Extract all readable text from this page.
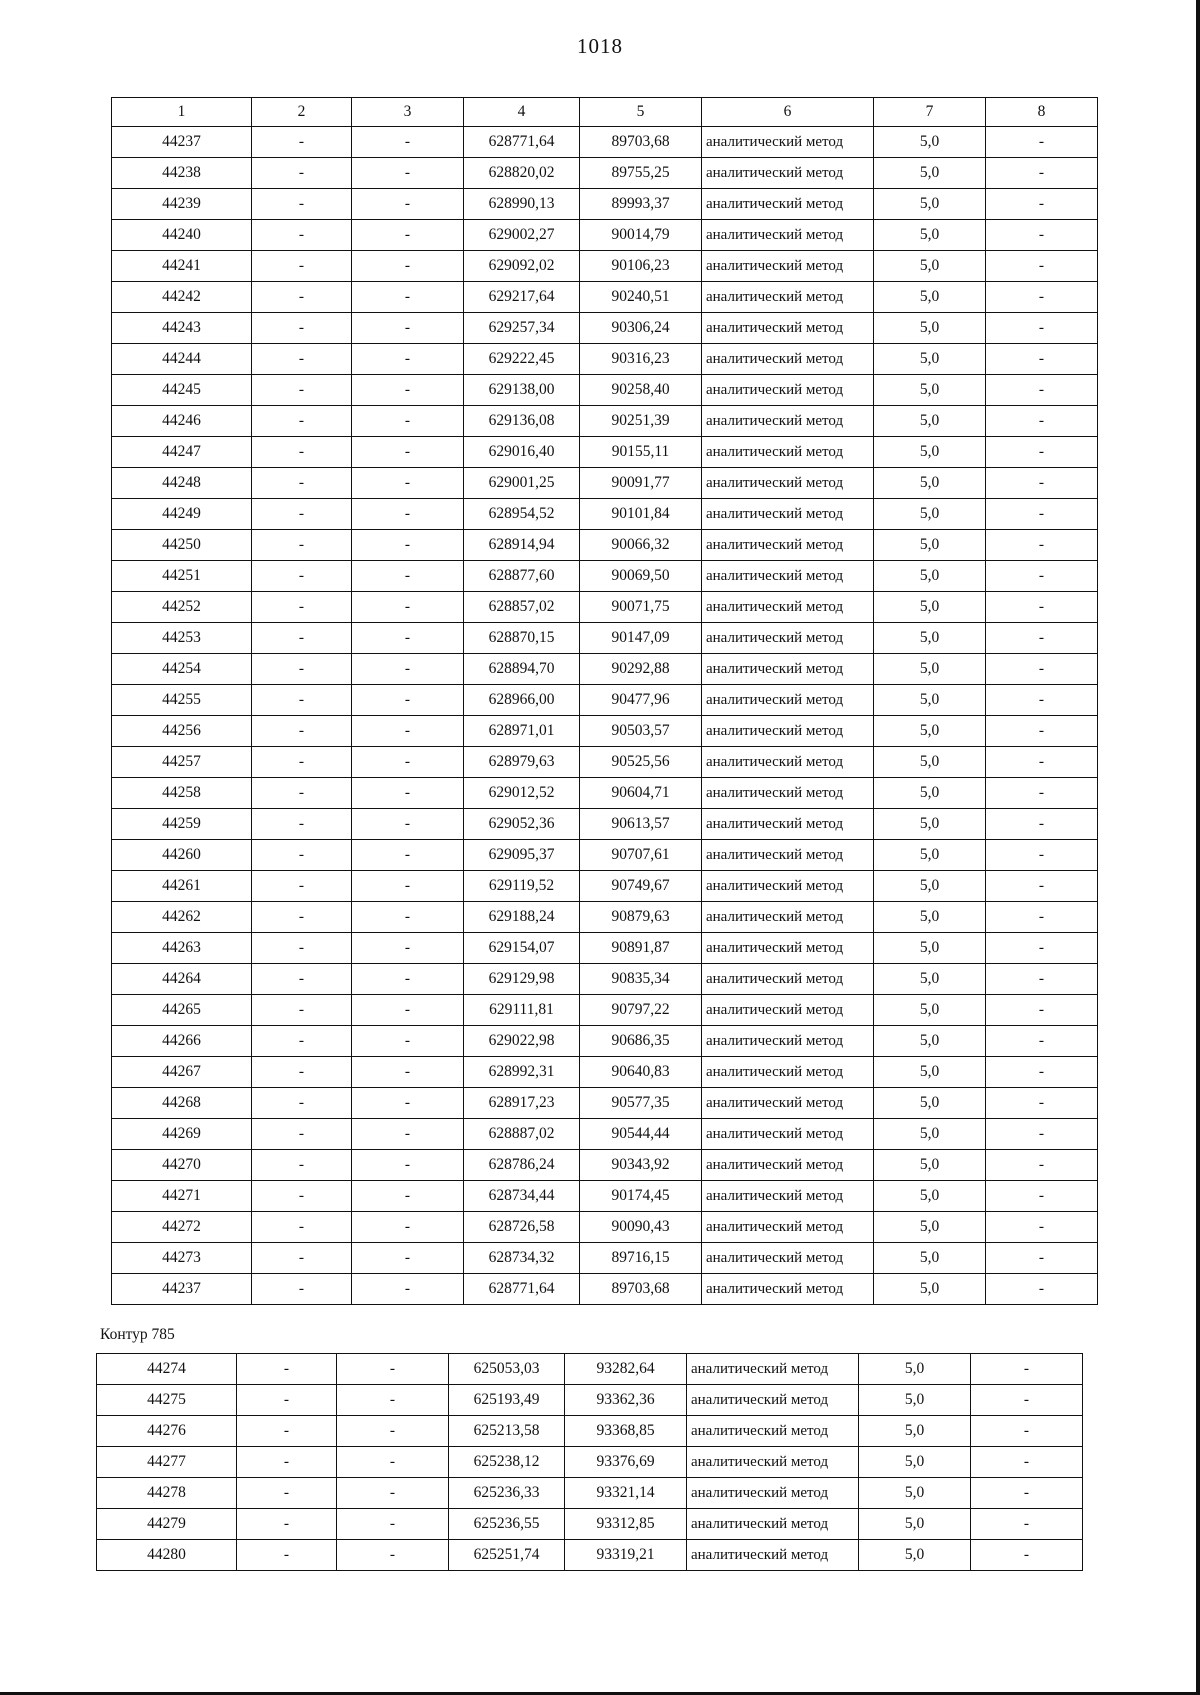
1018
1	2	3	4	5	6	7	8
44237	-	-	628771,64	89703,68	аналитический метод	5,0	-
44238	-	-	628820,02	89755,25	аналитический метод	5,0	-
44239	-	-	628990,13	89993,37	аналитический метод	5,0	-
44240	-	-	629002,27	90014,79	аналитический метод	5,0	-
44241	-	-	629092,02	90106,23	аналитический метод	5,0	-
44242	-	-	629217,64	90240,51	аналитический метод	5,0	-
44243	-	-	629257,34	90306,24	аналитический метод	5,0	-
44244	-	-	629222,45	90316,23	аналитический метод	5,0	-
44245	-	-	629138,00	90258,40	аналитический метод	5,0	-
44246	-	-	629136,08	90251,39	аналитический метод	5,0	-
44247	-	-	629016,40	90155,11	аналитический метод	5,0	-
44248	-	-	629001,25	90091,77	аналитический метод	5,0	-
44249	-	-	628954,52	90101,84	аналитический метод	5,0	-
44250	-	-	628914,94	90066,32	аналитический метод	5,0	-
44251	-	-	628877,60	90069,50	аналитический метод	5,0	-
44252	-	-	628857,02	90071,75	аналитический метод	5,0	-
44253	-	-	628870,15	90147,09	аналитический метод	5,0	-
44254	-	-	628894,70	90292,88	аналитический метод	5,0	-
44255	-	-	628966,00	90477,96	аналитический метод	5,0	-
44256	-	-	628971,01	90503,57	аналитический метод	5,0	-
44257	-	-	628979,63	90525,56	аналитический метод	5,0	-
44258	-	-	629012,52	90604,71	аналитический метод	5,0	-
44259	-	-	629052,36	90613,57	аналитический метод	5,0	-
44260	-	-	629095,37	90707,61	аналитический метод	5,0	-
44261	-	-	629119,52	90749,67	аналитический метод	5,0	-
44262	-	-	629188,24	90879,63	аналитический метод	5,0	-
44263	-	-	629154,07	90891,87	аналитический метод	5,0	-
44264	-	-	629129,98	90835,34	аналитический метод	5,0	-
44265	-	-	629111,81	90797,22	аналитический метод	5,0	-
44266	-	-	629022,98	90686,35	аналитический метод	5,0	-
44267	-	-	628992,31	90640,83	аналитический метод	5,0	-
44268	-	-	628917,23	90577,35	аналитический метод	5,0	-
44269	-	-	628887,02	90544,44	аналитический метод	5,0	-
44270	-	-	628786,24	90343,92	аналитический метод	5,0	-
44271	-	-	628734,44	90174,45	аналитический метод	5,0	-
44272	-	-	628726,58	90090,43	аналитический метод	5,0	-
44273	-	-	628734,32	89716,15	аналитический метод	5,0	-
44237	-	-	628771,64	89703,68	аналитический метод	5,0	-
Контур 785
44274	-	-	625053,03	93282,64	аналитический метод	5,0	-
44275	-	-	625193,49	93362,36	аналитический метод	5,0	-
44276	-	-	625213,58	93368,85	аналитический метод	5,0	-
44277	-	-	625238,12	93376,69	аналитический метод	5,0	-
44278	-	-	625236,33	93321,14	аналитический метод	5,0	-
44279	-	-	625236,55	93312,85	аналитический метод	5,0	-
44280	-	-	625251,74	93319,21	аналитический метод	5,0	-
